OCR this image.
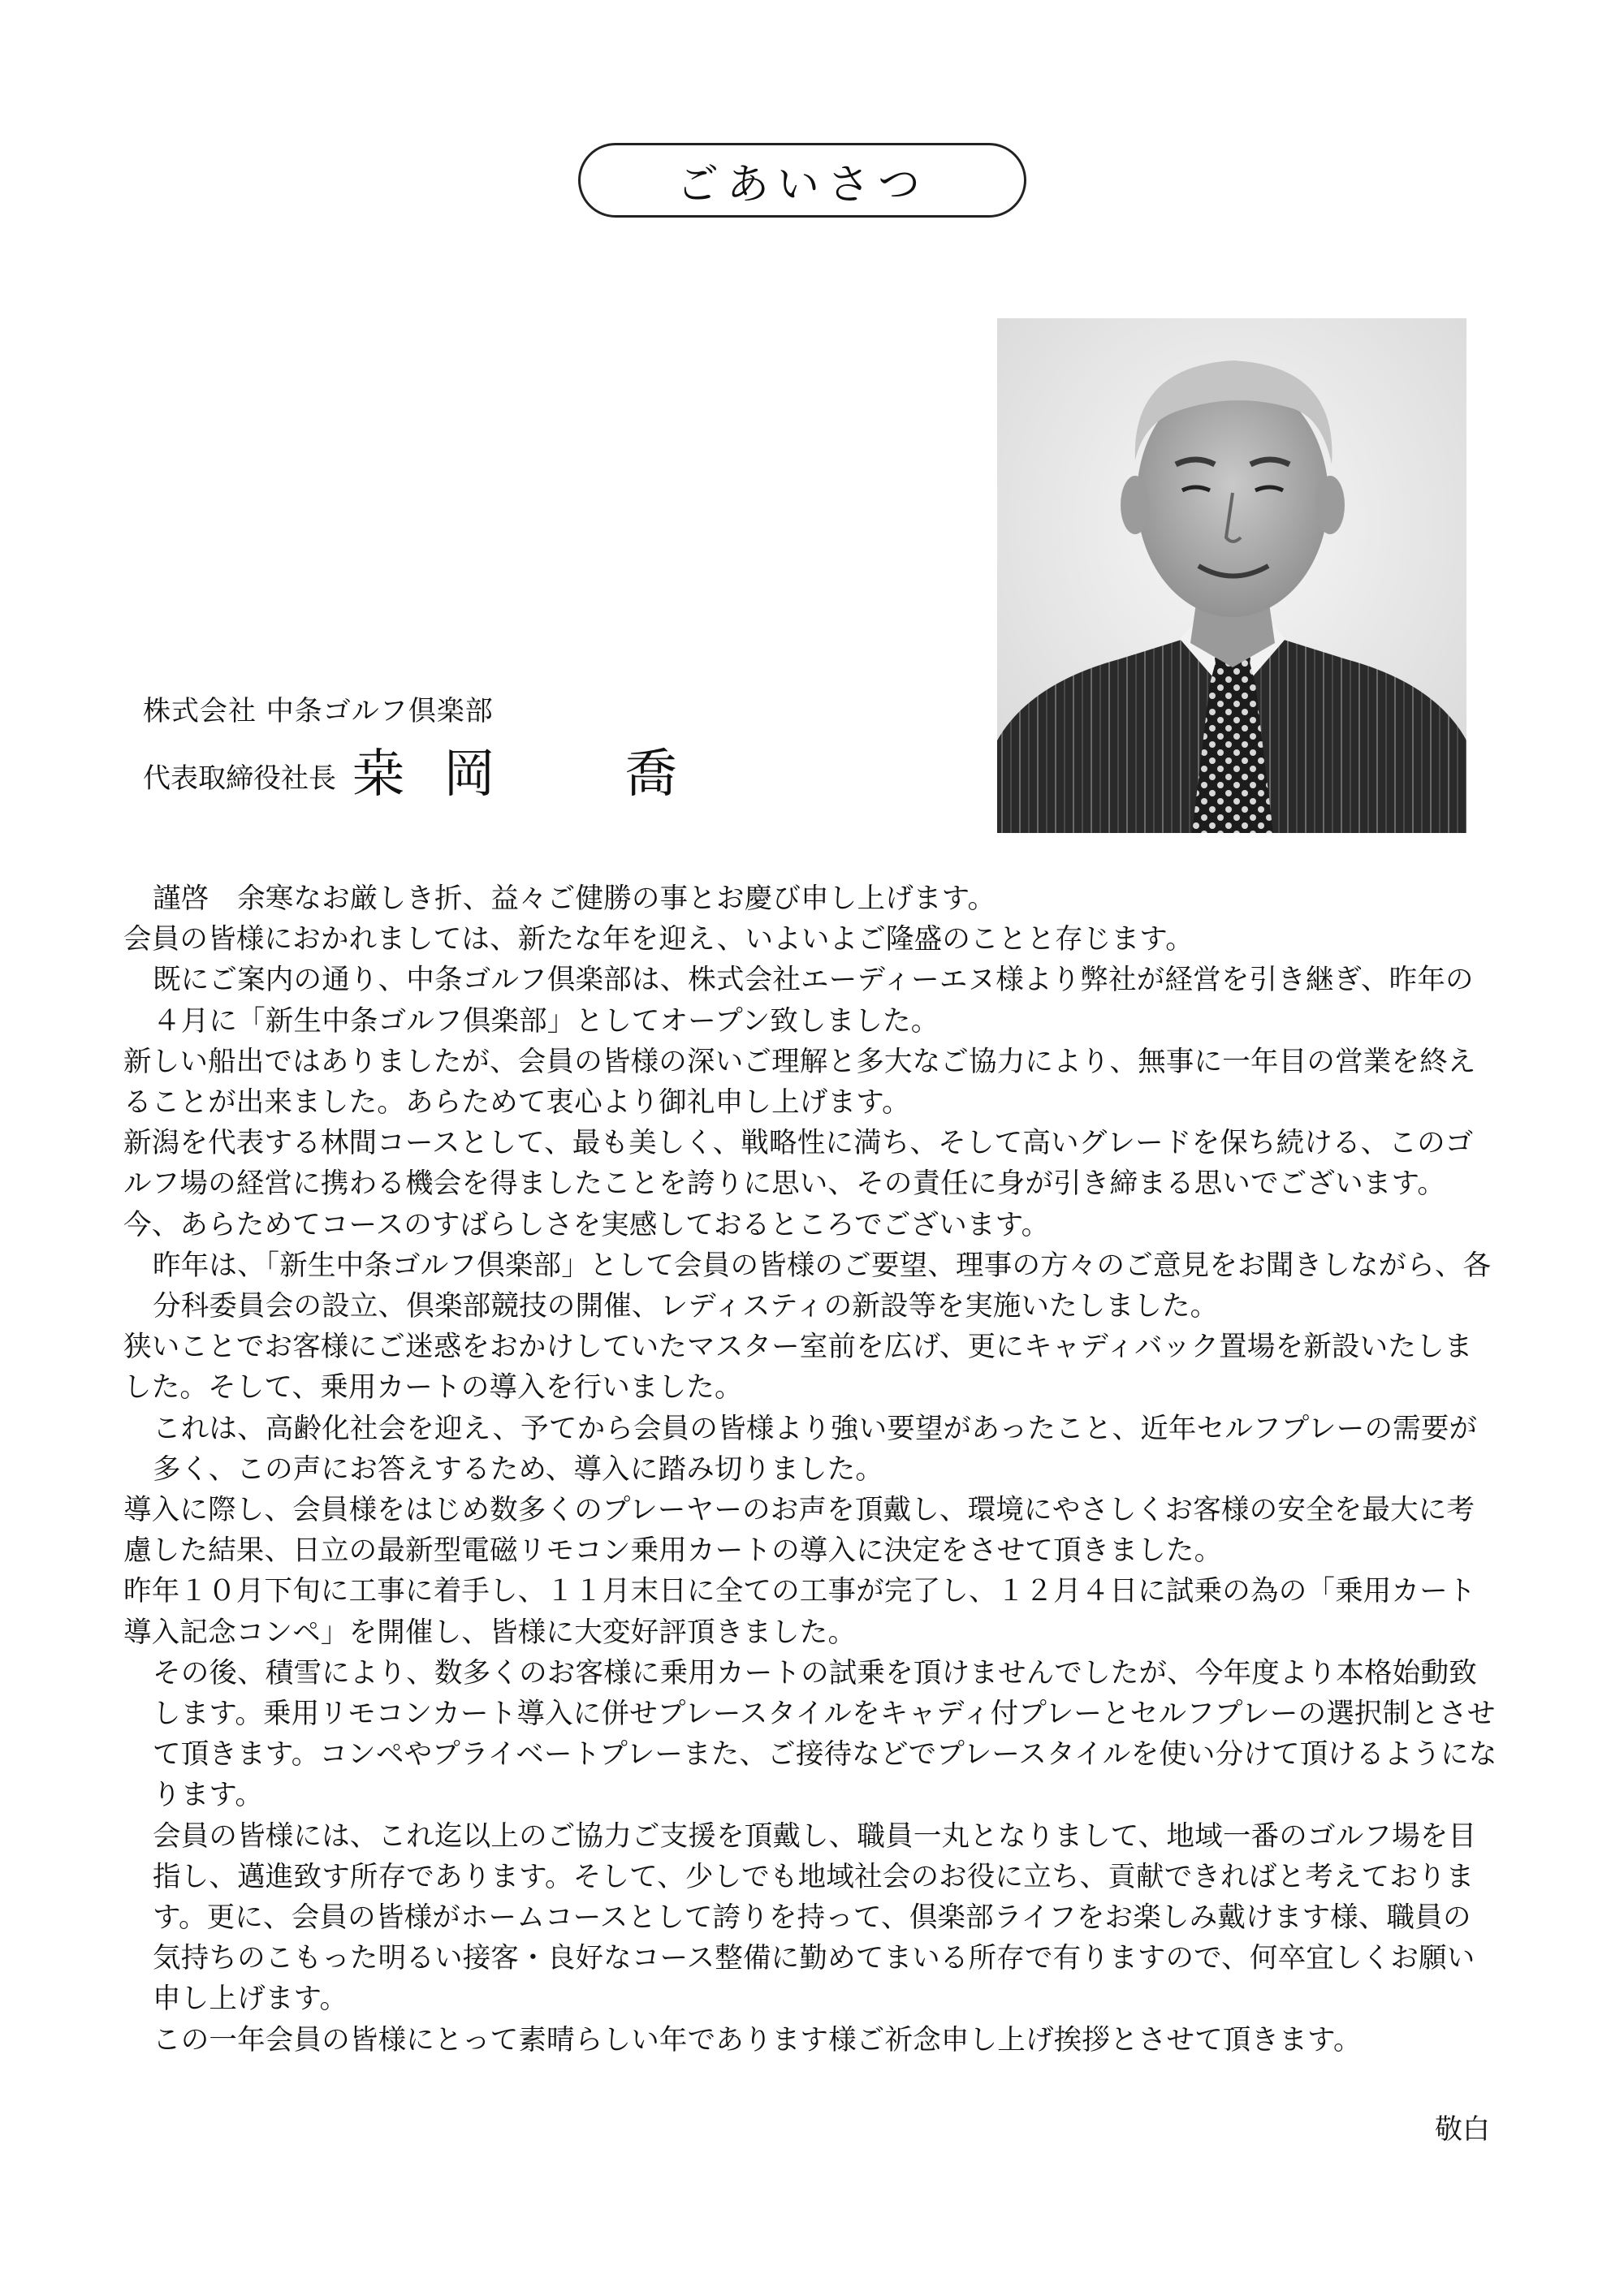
ごあいさつ
株式会社 中条ゴルフ倶楽部
代表取締役社長 桒岡　喬

謹啓　余寒なお厳しき折、益々ご健勝の事とお慶び申し上げます。

会員の皆様におかれましては、新たな年を迎え、いよいよご隆盛のことと存じます。

既にご案内の通り、中条ゴルフ倶楽部は、株式会社エーディーエヌ様より弊社が経営を引き継ぎ、昨年の４月に「新生中条ゴルフ倶楽部」としてオープン致しました。

新しい船出ではありましたが、会員の皆様の深いご理解と多大なご協力により、無事に一年目の営業を終えることが出来ました。あらためて衷心より御礼申し上げます。

新潟を代表する林間コースとして、最も美しく、戦略性に満ち、そして高いグレードを保ち続ける、このゴルフ場の経営に携わる機会を得ましたことを誇りに思い、その責任に身が引き締まる思いでございます。今、あらためてコースのすばらしさを実感しておるところでございます。

昨年は、「新生中条ゴルフ倶楽部」として会員の皆様のご要望、理事の方々のご意見をお聞きしながら、各分科委員会の設立、倶楽部競技の開催、レディスティの新設等を実施いたしました。

狭いことでお客様にご迷惑をおかけしていたマスター室前を広げ、更にキャディバック置場を新設いたしました。そして、乗用カートの導入を行いました。

これは、高齢化社会を迎え、予てから会員の皆様より強い要望があったこと、近年セルフプレーの需要が多く、この声にお答えするため、導入に踏み切りました。

導入に際し、会員様をはじめ数多くのプレーヤーのお声を頂戴し、環境にやさしくお客様の安全を最大に考慮した結果、日立の最新型電磁リモコン乗用カートの導入に決定をさせて頂きました。

昨年１０月下旬に工事に着手し、１１月末日に全ての工事が完了し、１２月４日に試乗の為の「乗用カート導入記念コンペ」を開催し、皆様に大変好評頂きました。

その後、積雪により、数多くのお客様に乗用カートの試乗を頂けませんでしたが、今年度より本格始動致します。乗用リモコンカート導入に併せプレースタイルをキャディ付プレーとセルフプレーの選択制とさせて頂きます。コンペやプライベートプレーまた、ご接待などでプレースタイルを使い分けて頂けるようになります。

会員の皆様には、これ迄以上のご協力ご支援を頂戴し、職員一丸となりまして、地域一番のゴルフ場を目指し、邁進致す所存であります。そして、少しでも地域社会のお役に立ち、貢献できればと考えております。更に、会員の皆様がホームコースとして誇りを持って、倶楽部ライフをお楽しみ戴けます様、職員の気持ちのこもった明るい接客・良好なコース整備に勤めてまいる所存で有りますので、何卒宜しくお願い申し上げます。

この一年会員の皆様にとって素晴らしい年であります様ご祈念申し上げ挨拶とさせて頂きます。

敬白
